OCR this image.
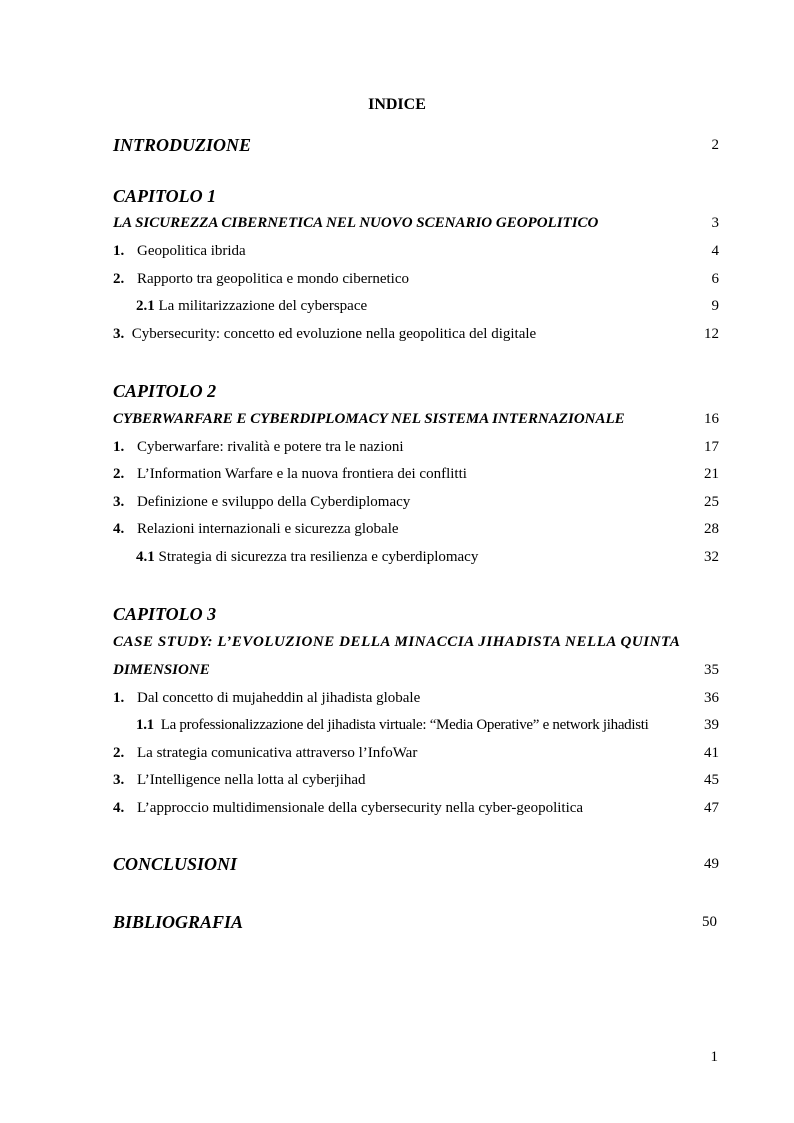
INDICE
INTRODUZIONE	2
CAPITOLO 1
LA SICUREZZA CIBERNETICA NEL NUOVO SCENARIO GEOPOLITICO	3
1. Geopolitica ibrida	4
2. Rapporto tra geopolitica e mondo cibernetico	6
2.1 La militarizzazione del cyberspace	9
3. Cybersecurity: concetto ed evoluzione nella geopolitica del digitale	12
CAPITOLO 2
CYBERWARFARE E CYBERDIPLOMACY NEL SISTEMA INTERNAZIONALE	16
1. Cyberwarfare: rivalità e potere tra le nazioni	17
2. L’Information Warfare e la nuova frontiera dei conflitti	21
3. Definizione e sviluppo della Cyberdiplomacy	25
4. Relazioni internazionali e sicurezza globale	28
4.1 Strategia di sicurezza tra resilienza e cyberdiplomacy	32
CAPITOLO 3
CASE STUDY: L’EVOLUZIONE DELLA MINACCIA JIHADISTA NELLA QUINTA
DIMENSIONE	35
1. Dal concetto di mujaheddin al jihadista globale	36
1.1 La professionalizzazione del jihadista virtuale: “Media Operative” e network jihadisti	39
2. La strategia comunicativa attraverso l’InfoWar	41
3. L’Intelligence nella lotta al cyberjihad	45
4. L’approccio multidimensionale della cybersecurity nella cyber-geopolitica	47
CONCLUSIONI	49
BIBLIOGRAFIA	50
1
